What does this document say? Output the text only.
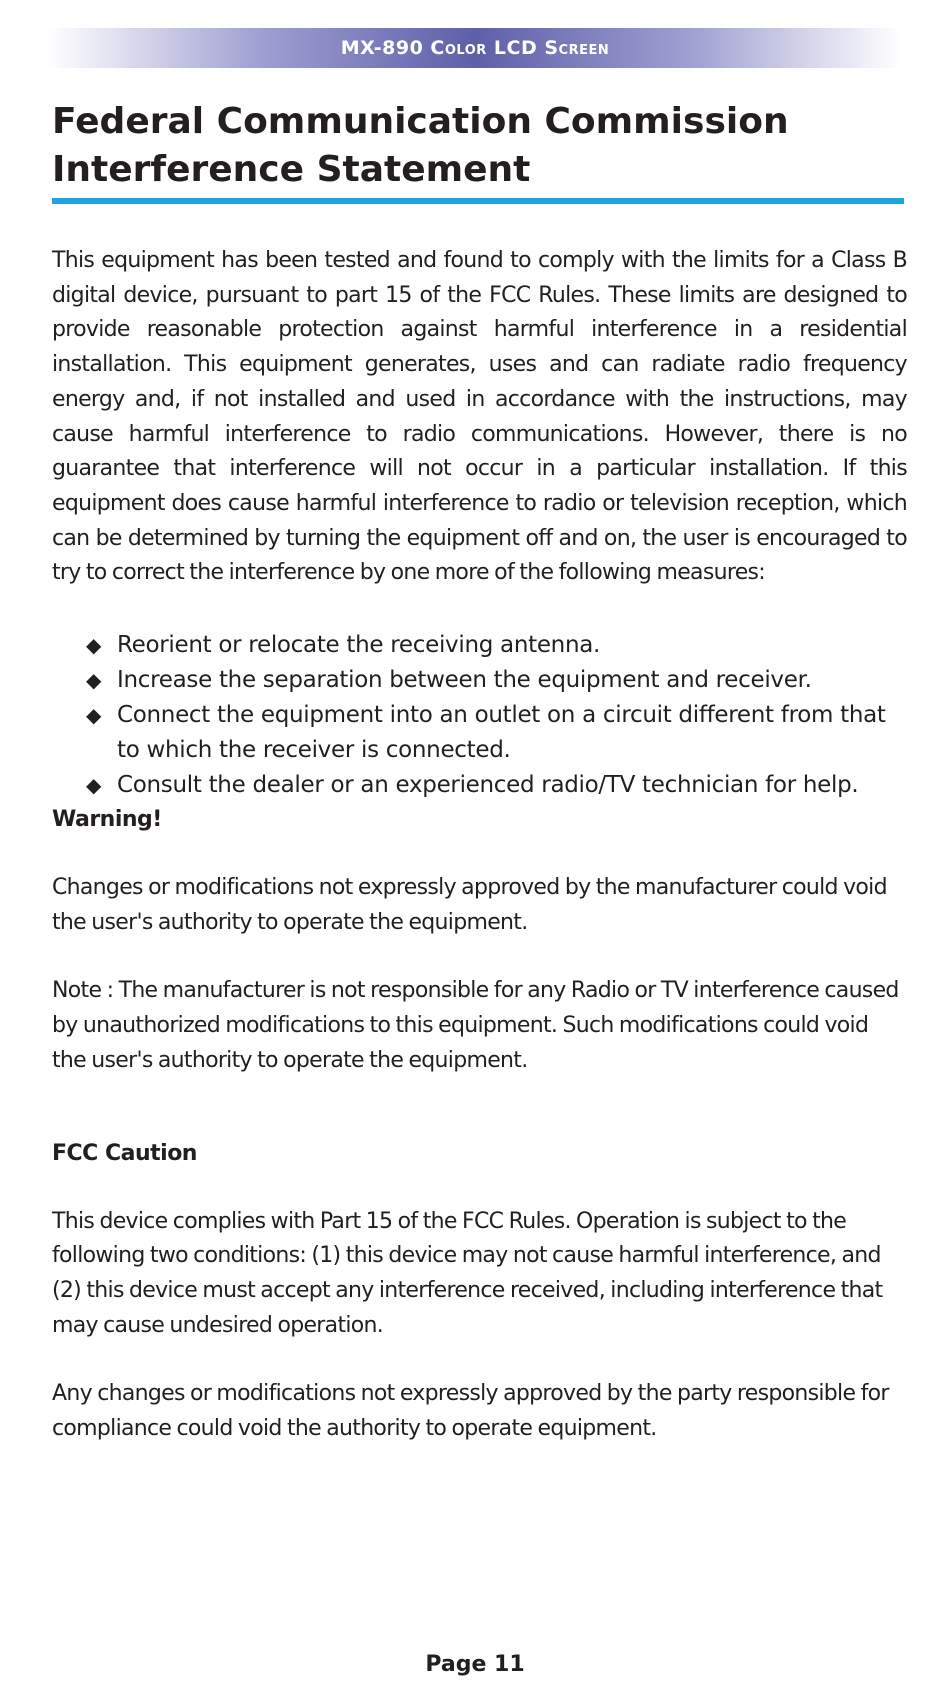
MX-890 Color LCD Screen
Federal Communication Commission Interference Statement

This equipment has been tested and found to comply with the limits for a Class B digital device, pursuant to part 15 of the FCC Rules. These limits are designed to provide reasonable protection against harmful interference in a residential installation. This equipment generates, uses and can radiate radio frequency energy and, if not installed and used in accordance with the instructions, may cause harmful interference to radio communications. However, there is no guarantee that interference will not occur in a particular installation. If this equipment does cause harmful interference to radio or television reception, which can be determined by turning the equipment off and on, the user is encouraged to try to correct the interference by one more of the following measures:

◆ Reorient or relocate the receiving antenna.
◆ Increase the separation between the equipment and receiver.
◆ Connect the equipment into an outlet on a circuit different from that to which the receiver is connected.
◆ Consult the dealer or an experienced radio/TV technician for help.

Warning!

Changes or modifications not expressly approved by the manufacturer could void the user's authority to operate the equipment.

Note : The manufacturer is not responsible for any Radio or TV interference caused by unauthorized modifications to this equipment. Such modifications could void the user's authority to operate the equipment.

FCC Caution

This device complies with Part 15 of the FCC Rules. Operation is subject to the following two conditions: (1) this device may not cause harmful interference, and (2) this device must accept any interference received, including interference that may cause undesired operation.

Any changes or modifications not expressly approved by the party responsible for compliance could void the authority to operate equipment.

Page 11
